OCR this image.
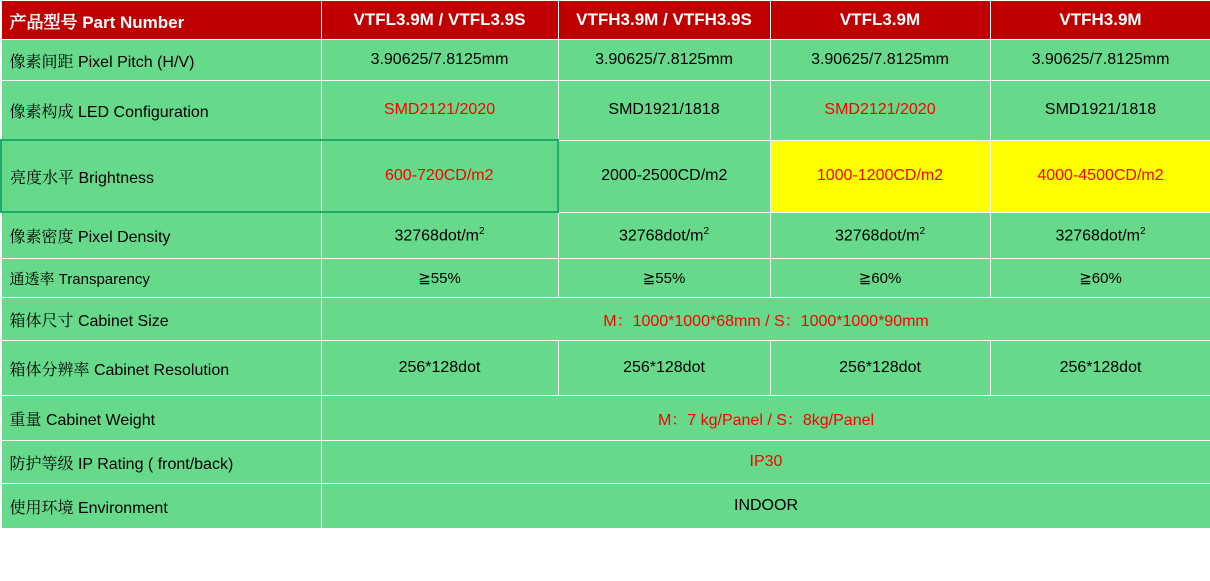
产品型号 Part Number	VTFL3.9M / VTFL3.9S	VTFH3.9M / VTFH3.9S	VTFL3.9M	VTFH3.9M
像素间距 Pixel Pitch (H/V)	3.90625/7.8125mm	3.90625/7.8125mm	3.90625/7.8125mm	3.90625/7.8125mm
像素构成 LED Configuration	SMD2121/2020	SMD1921/1818	SMD2121/2020	SMD1921/1818
亮度水平 Brightness	600-720CD/m2	2000-2500CD/m2	1000-1200CD/m2	4000-4500CD/m2
像素密度 Pixel Density	$32768dot/m^2$	$32768dot/m^2$	$32768dot/m^2$	$32768dot/m^2$
通透率 Transparency	≧55%	≧55%	≧60%	≧60%
箱体尺寸 Cabinet Size	M：1000*1000*68mm / S：1000*1000*90mm			
箱体分辨率 Cabinet Resolution	256*128dot	256*128dot	256*128dot	256*128dot
重量 Cabinet Weight	M：7 kg/Panel / S：8kg/Panel			
防护等级 IP Rating ( front/back)	IP30			
使用环境 Environment	INDOOR			
